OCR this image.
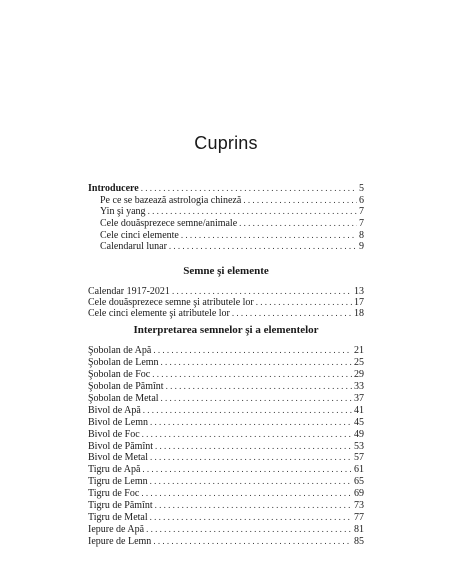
Cuprins
Introducere . . .	5
Pe ce se bazează astrologia chineză . . .	6
Yin şi yang . . .	7
Cele douăsprezece semne/animale . . .	7
Cele cinci elemente . . .	8
Calendarul lunar . . .	9
Semne şi elemente
Calendar 1917-2021 . . .	13
Cele douăsprezece semne şi atributele lor . . .	17
Cele cinci elemente şi atributele lor . . .	18
Interpretarea semnelor şi a elementelor
Şobolan de Apă . . .	21
Şobolan de Lemn . . .	25
Şobolan de Foc . . .	29
Şobolan de Pămînt . . .	33
Şobolan de Metal . . .	37
Bivol de Apă . . .	41
Bivol de Lemn . . .	45
Bivol de Foc . . .	49
Bivol de Pămînt . . .	53
Bivol de Metal . . .	57
Tigru de Apă . . .	61
Tigru de Lemn . . .	65
Tigru de Foc . . .	69
Tigru de Pămînt . . .	73
Tigru de Metal . . .	77
Iepure de Apă . . .	81
Iepure de Lemn . . .	85
